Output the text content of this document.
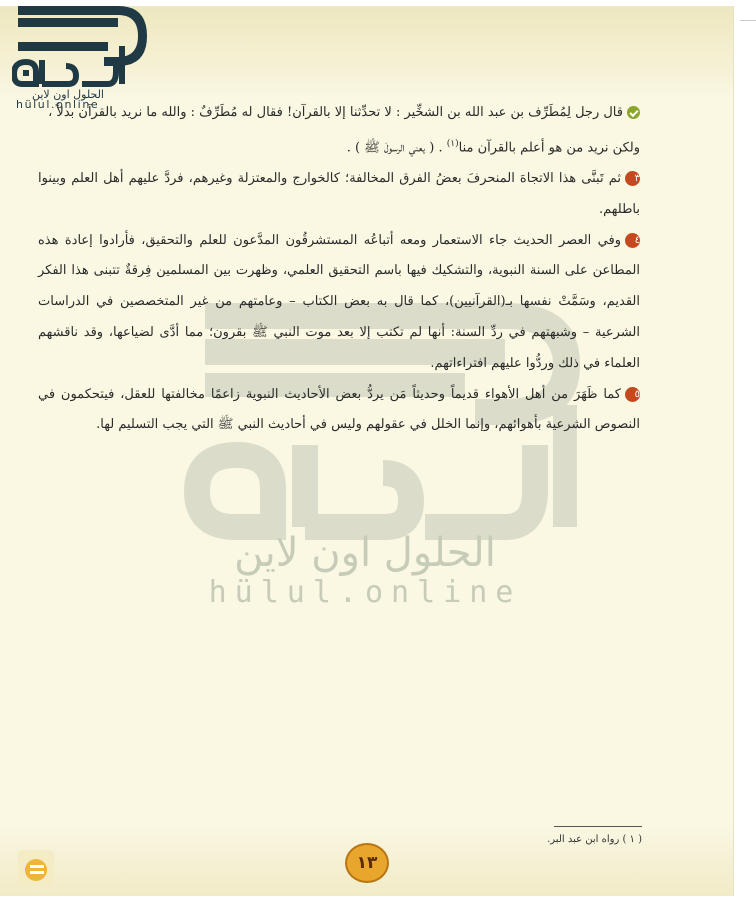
الحلول اون لاين
hülul.online
الحلول اون لاين
hülul.online

قال رجل لِمُطَرِّف بن عبد الله بن الشخِّير : لا تحدِّثنا إلا بالقرآن! فقال له مُطَرِّفٌ : والله ما نريد بالقرآن بدلاً ،
ولكن نريد من هو أعلم بالقرآن منا$^{(١)}$ . ( يعني الرسولَ ﷺ ) .

٣ثم تَبنَّى هذا الاتجاهَ المنحرفَ بعضُ الفرق المخالفة؛ كالخوارج والمعتزلة وغيرهم، فردَّ عليهم أهل العلم وبينوا باطلهم.

٤وفي العصر الحديث جاء الاستعمار ومعه أتباعُه المستشرقُون المدَّعون للعلم والتحقيق، فأرادوا إعادة هذه المطاعن على السنة النبوية، والتشكيك فيها باسم التحقيق العلمي، وظهرت بين المسلمين فِرقةٌ تتبنى هذا الفكر القديم، وسَمَّتْ نفسها بـ(القرآنيين)، كما قال به بعض الكتاب – وعامتهم من غير المتخصصين في الدراسات الشرعية – وشبهتهم في ردِّ السنة: أنها لم تكتب إلا بعد موت النبي ﷺ بقرون؛ مما أدَّى لضياعها، وقد ناقشهم العلماء في ذلك وردُّوا عليهم افتراءاتهم.

٥كما ظَهَرَ من أهل الأهواء قديماً وحديثاً مَن يردُّ بعض الأحاديث النبوية زاعمًا مخالفتها للعقل، فيتحكمون في النصوص الشرعية بأهوائهم، وإنما الخلل في عقولهم وليس في أحاديث النبي ﷺ التي يجب التسليم لها.

( ١ ) رواه ابن عبد البر.
١٣
